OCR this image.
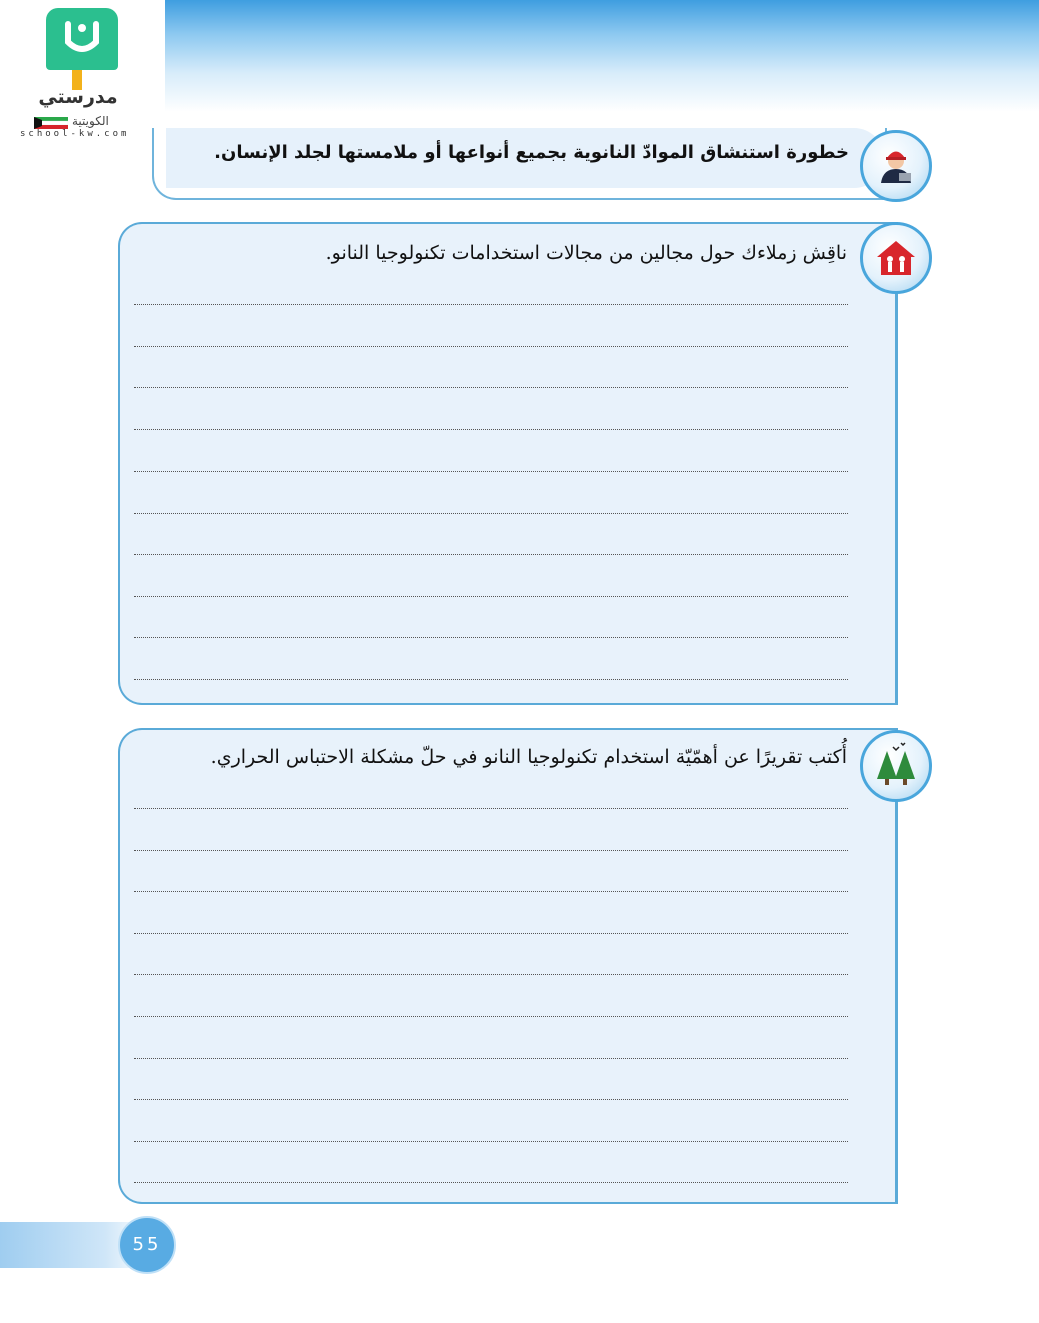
مدرستي
الكويتية
school-kw.com
خطورة استنشاق الموادّ النانوية بجميع أنواعها أو ملامستها لجلد الإنسان.
ناقِش زملاءك حول مجالين من مجالات استخدامات تكنولوجيا النانو.
أُكتب تقريرًا عن أهمّيّة استخدام تكنولوجيا النانو في حلّ مشكلة الاحتباس الحراري.
55
